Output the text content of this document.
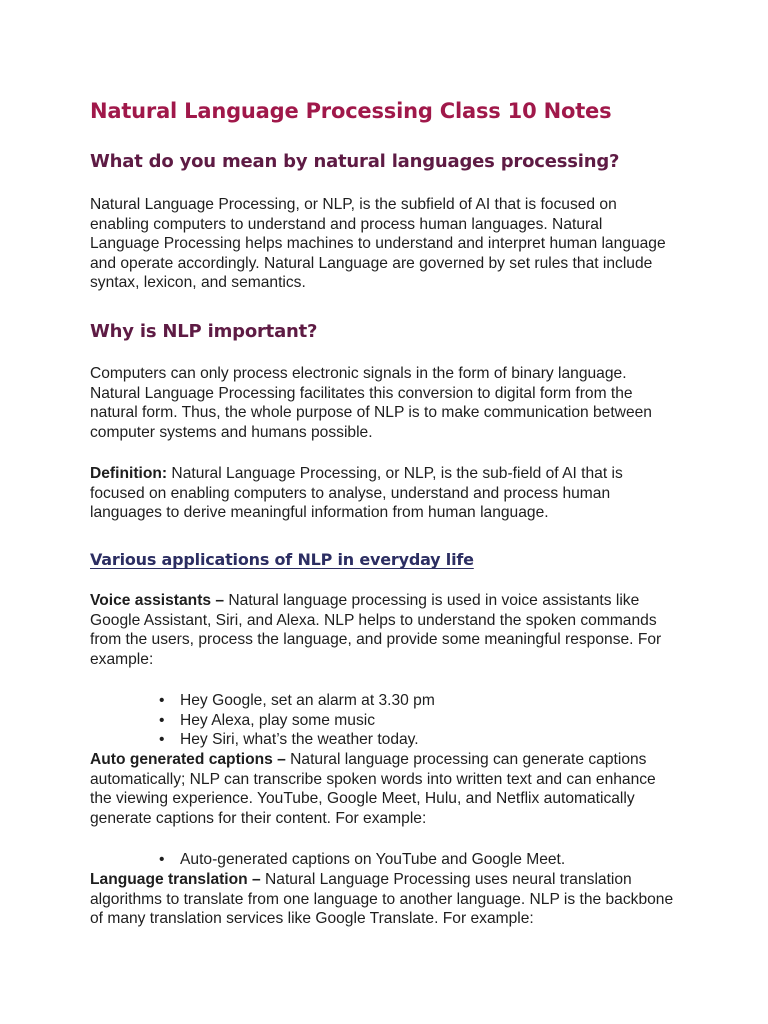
Natural Language Processing Class 10 Notes
What do you mean by natural languages processing?

Natural Language Processing, or NLP, is the subfield of AI that is focused on enabling computers to understand and process human languages. Natural Language Processing helps machines to understand and interpret human language and operate accordingly. Natural Language are governed by set rules that include syntax, lexicon, and semantics.

Why is NLP important?

Computers can only process electronic signals in the form of binary language. Natural Language Processing facilitates this conversion to digital form from the natural form. Thus, the whole purpose of NLP is to make communication between computer systems and humans possible.

Definition: Natural Language Processing, or NLP, is the sub-field of AI that is focused on enabling computers to analyse, understand and process human languages to derive meaningful information from human language.

Various applications of NLP in everyday life

Voice assistants – Natural language processing is used in voice assistants like Google Assistant, Siri, and Alexa. NLP helps to understand the spoken commands from the users, process the language, and provide some meaningful response. For example:

• Hey Google, set an alarm at 3.30 pm
• Hey Alexa, play some music
• Hey Siri, what’s the weather today.

Auto generated captions – Natural language processing can generate captions automatically; NLP can transcribe spoken words into written text and can enhance the viewing experience. YouTube, Google Meet, Hulu, and Netflix automatically generate captions for their content. For example:

• Auto-generated captions on YouTube and Google Meet.

Language translation – Natural Language Processing uses neural translation algorithms to translate from one language to another language. NLP is the backbone of many translation services like Google Translate. For example:
